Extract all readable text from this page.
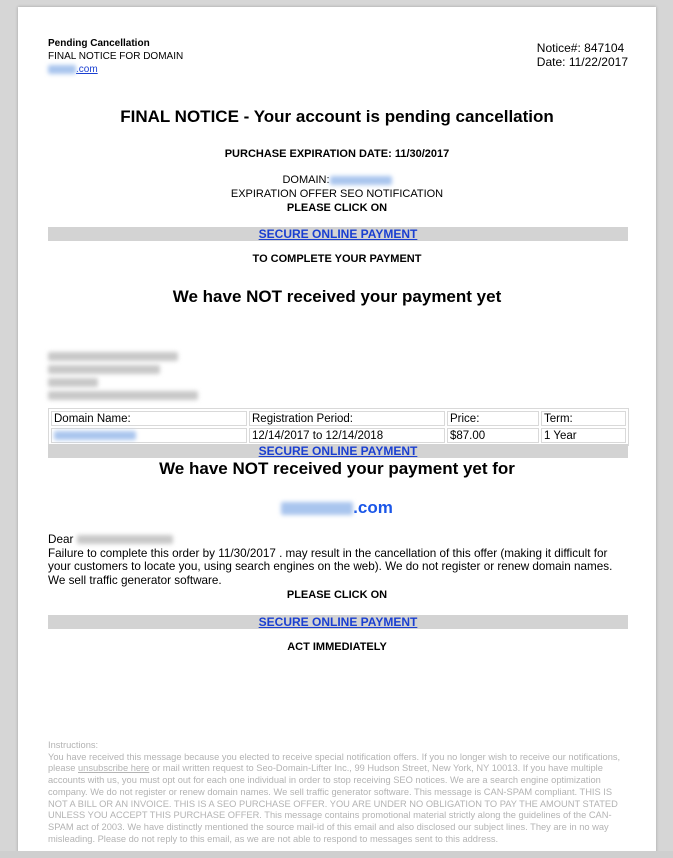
Pending Cancellation
FINAL NOTICE FOR DOMAIN
.com
Notice#: 847104
Date: 11/22/2017
FINAL NOTICE - Your account is pending cancellation
PURCHASE EXPIRATION DATE: 11/30/2017
DOMAIN:
EXPIRATION OFFER SEO NOTIFICATION
PLEASE CLICK ON
SECURE ONLINE PAYMENT
TO COMPLETE YOUR PAYMENT
We have NOT received your payment yet
Domain Name:	Registration Period:	Price:	Term:
	12/14/2017 to 12/14/2018	$87.00	1 Year
SECURE ONLINE PAYMENT
We have NOT received your payment yet for
.com
Dear
Failure to complete this order by 11/30/2017 . may result in the cancellation of this offer (making it difficult for your customers to locate you, using search engines on the web). We do not register or renew domain names. We sell traffic generator software.
PLEASE CLICK ON
SECURE ONLINE PAYMENT
ACT IMMEDIATELY
Instructions:
You have received this message because you elected to receive special notification offers. If you no longer wish to receive our notifications, please unsubscribe here or mail written request to Seo-Domain-Lifter Inc., 99 Hudson Street, New York, NY 10013. If you have multiple accounts with us, you must opt out for each one individual in order to stop receiving SEO notices. We are a search engine optimization company. We do not register or renew domain names. We sell traffic generator software. This message is CAN-SPAM compliant. THIS IS NOT A BILL OR AN INVOICE. THIS IS A SEO PURCHASE OFFER. YOU ARE UNDER NO OBLIGATION TO PAY THE AMOUNT STATED UNLESS YOU ACCEPT THIS PURCHASE OFFER. This message contains promotional material strictly along the guidelines of the CAN-SPAM act of 2003. We have distinctly mentioned the source mail-id of this email and also disclosed our subject lines. They are in no way misleading. Please do not reply to this email, as we are not able to respond to messages sent to this address.
